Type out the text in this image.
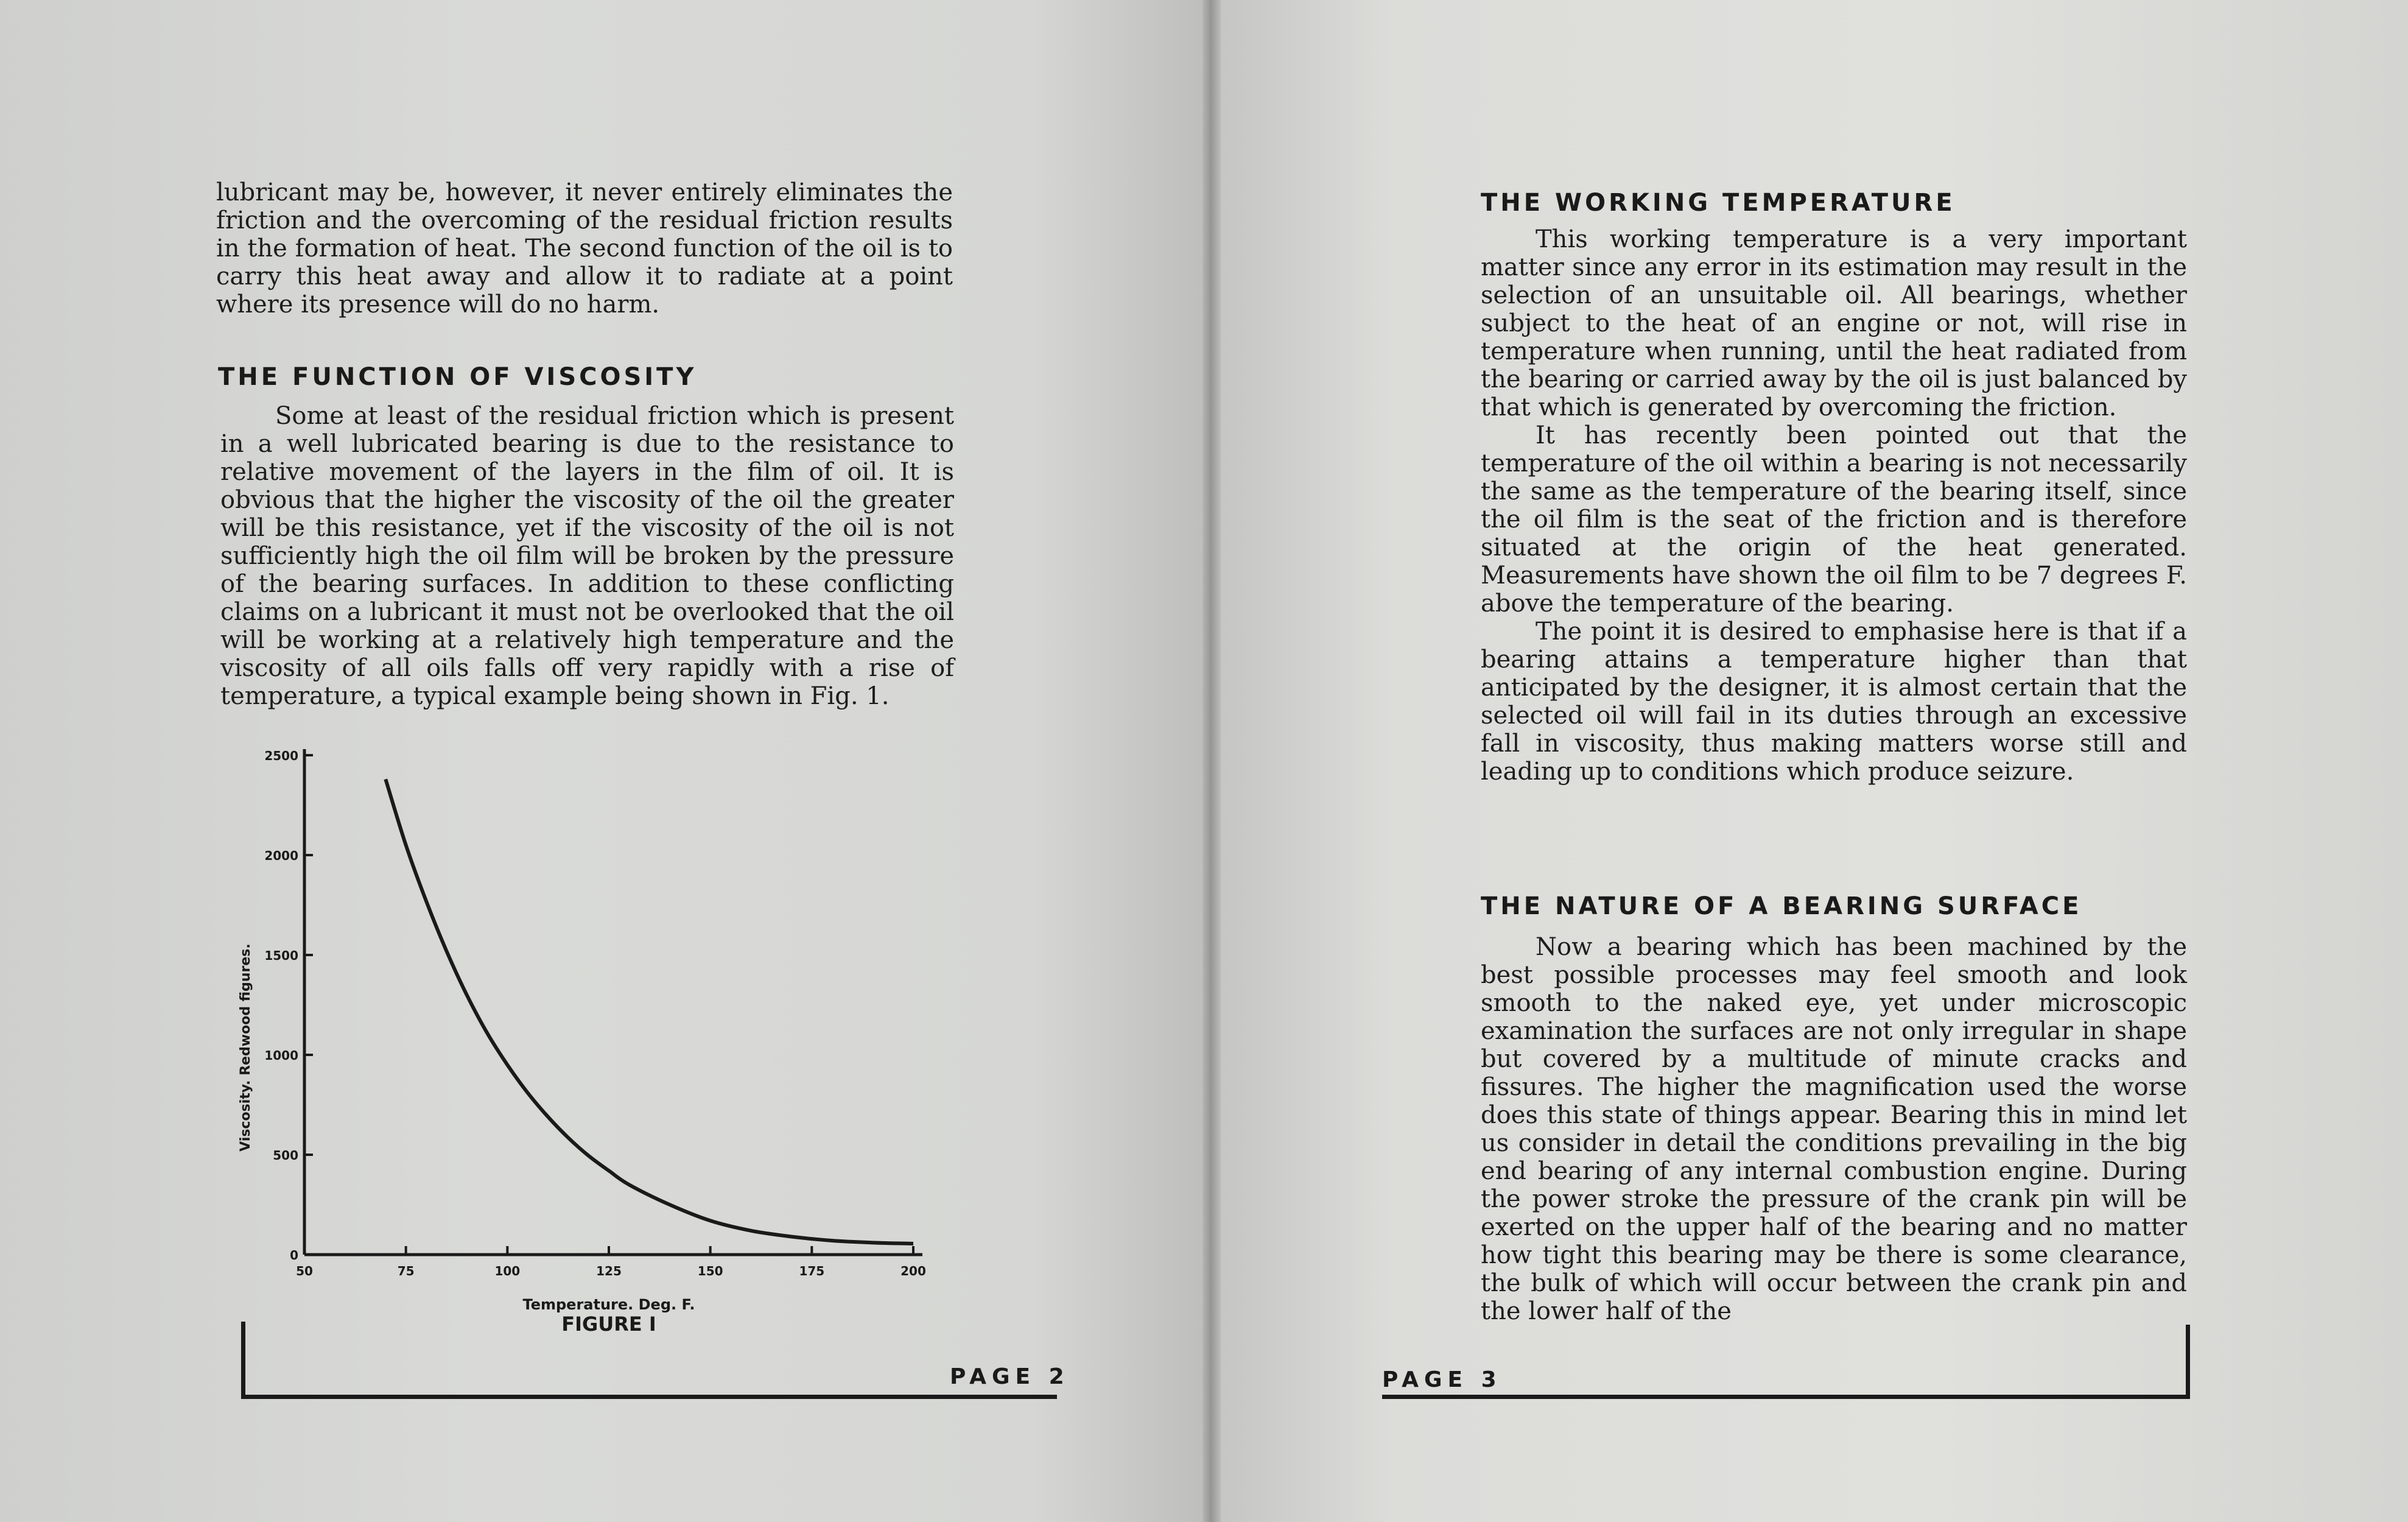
lubricant may be, however, it never entirely eliminates the friction and the overcoming of the residual friction results in the formation of heat. The second function of the oil is to carry this heat away and allow it to radiate at a point where its presence will do no harm.

THE FUNCTION OF VISCOSITY

Some at least of the residual friction which is present in a well lubricated bearing is due to the resistance to relative movement of the layers in the film of oil. It is obvious that the higher the viscosity of the oil the greater will be this resistance, yet if the viscosity of the oil is not sufficiently high the oil film will be broken by the pressure of the bearing surfaces. In addition to these conflicting claims on a lubricant it must not be overlooked that the oil will be working at a relatively high temperature and the viscosity of all oils falls off very rapidly with a rise of temperature, a typical example being shown in Fig. 1.

0
500
1000
1500
2000
2500
50	75	100	125	150	175	200
Temperature. Deg. F.
FIGURE I
Viscosity. Redwood figures.
PAGE 2
THE WORKING TEMPERATURE

This working temperature is a very important matter since any error in its estimation may result in the selection of an unsuitable oil. All bearings, whether subject to the heat of an engine or not, will rise in temperature when running, until the heat radiated from the bearing or carried away by the oil is just balanced by that which is generated by overcoming the friction.

It has recently been pointed out that the temperature of the oil within a bearing is not necessarily the same as the temperature of the bearing itself, since the oil film is the seat of the friction and is therefore situated at the origin of the heat generated. Measurements have shown the oil film to be 7 degrees F. above the temperature of the bearing.

The point it is desired to emphasise here is that if a bearing attains a temperature higher than that anticipated by the designer, it is almost certain that the selected oil will fail in its duties through an excessive fall in viscosity, thus making matters worse still and leading up to conditions which produce seizure.

THE NATURE OF A BEARING SURFACE

Now a bearing which has been machined by the best possible processes may feel smooth and look smooth to the naked eye, yet under microscopic examination the surfaces are not only irregular in shape but covered by a multitude of minute cracks and fissures. The higher the magnification used the worse does this state of things appear. Bearing this in mind let us consider in detail the conditions prevailing in the big end bearing of any internal combustion engine. During the power stroke the pressure of the crank pin will be exerted on the upper half of the bearing and no matter how tight this bearing may be there is some clearance, the bulk of which will occur between the crank pin and the lower half of the

PAGE 3
